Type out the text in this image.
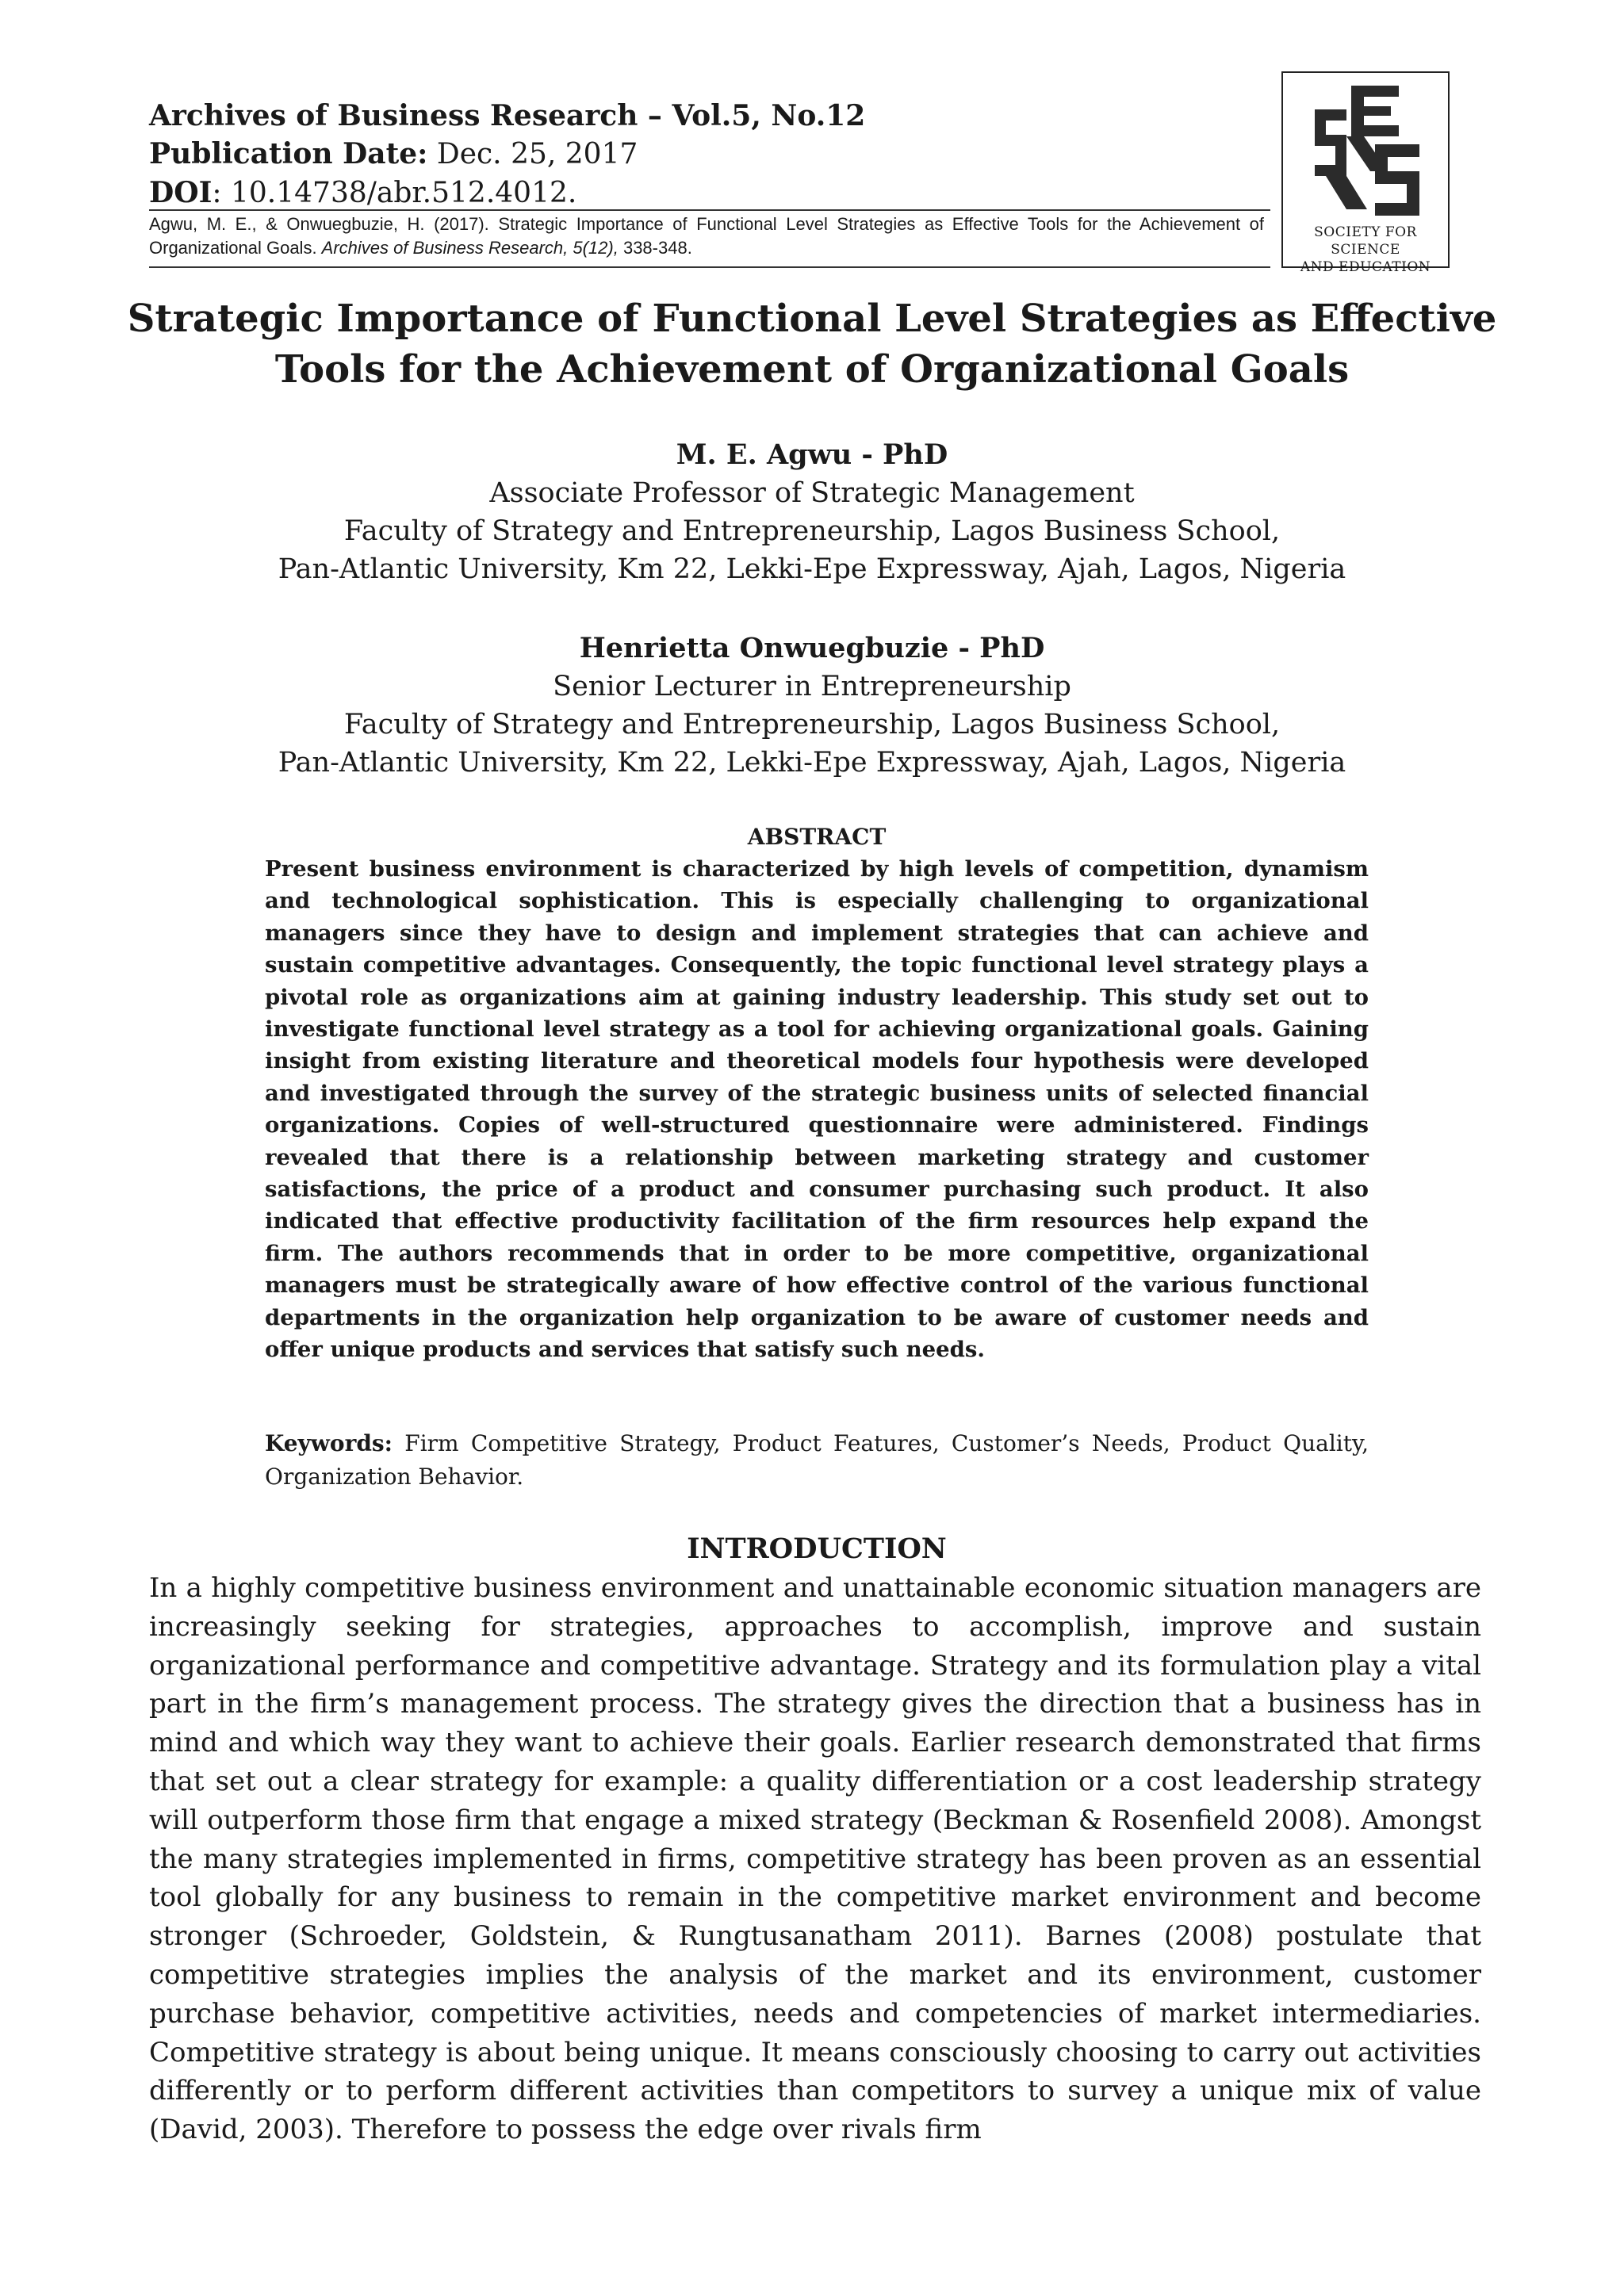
Archives of Business Research – Vol.5, No.12
Publication Date: Dec. 25, 2017
DOI: 10.14738/abr.512.4012.
Agwu, M. E., & Onwuegbuzie, H. (2017). Strategic Importance of Functional Level Strategies as Effective Tools for the Achievement of Organizational Goals. Archives of Business Research, 5(12), 338-348.
SOCIETY FOR SCIENCE
AND EDUCATION
Strategic Importance of Functional Level Strategies as Effective
Tools for the Achievement of Organizational Goals
M. E. Agwu - PhD
Associate Professor of Strategic Management
Faculty of Strategy and Entrepreneurship, Lagos Business School,
Pan-Atlantic University, Km 22, Lekki-Epe Expressway, Ajah, Lagos, Nigeria
Henrietta Onwuegbuzie - PhD
Senior Lecturer in Entrepreneurship
Faculty of Strategy and Entrepreneurship, Lagos Business School,
Pan-Atlantic University, Km 22, Lekki-Epe Expressway, Ajah, Lagos, Nigeria
ABSTRACT
Present business environment is characterized by high levels of competition, dynamism and technological sophistication. This is especially challenging to organizational managers since they have to design and implement strategies that can achieve and sustain competitive advantages. Consequently, the topic functional level strategy plays a pivotal role as organizations aim at gaining industry leadership. This study set out to investigate functional level strategy as a tool for achieving organizational goals. Gaining insight from existing literature and theoretical models four hypothesis were developed and investigated through the survey of the strategic business units of selected financial organizations. Copies of well-structured questionnaire were administered. Findings revealed that there is a relationship between marketing strategy and customer satisfactions, the price of a product and consumer purchasing such product. It also indicated that effective productivity facilitation of the firm resources help expand the firm. The authors recommends that in order to be more competitive, organizational managers must be strategically aware of how effective control of the various functional departments in the organization help organization to be aware of customer needs and offer unique products and services that satisfy such needs.
Keywords: Firm Competitive Strategy, Product Features, Customer’s Needs, Product Quality, Organization Behavior.
INTRODUCTION
In a highly competitive business environment and unattainable economic situation managers are increasingly seeking for strategies, approaches to accomplish, improve and sustain organizational performance and competitive advantage. Strategy and its formulation play a vital part in the firm’s management process. The strategy gives the direction that a business has in mind and which way they want to achieve their goals. Earlier research demonstrated that firms that set out a clear strategy for example: a quality differentiation or a cost leadership strategy will outperform those firm that engage a mixed strategy (Beckman & Rosenfield 2008). Amongst the many strategies implemented in firms, competitive strategy has been proven as an essential tool globally for any business to remain in the competitive market environment and become stronger (Schroeder, Goldstein, & Rungtusanatham 2011). Barnes (2008) postulate that competitive strategies implies the analysis of the market and its environment, customer purchase behavior, competitive activities, needs and competencies of market intermediaries. Competitive strategy is about being unique. It means consciously choosing to carry out activities differently or to perform different activities than competitors to survey a unique mix of value (David, 2003). Therefore to possess the edge over rivals firm
